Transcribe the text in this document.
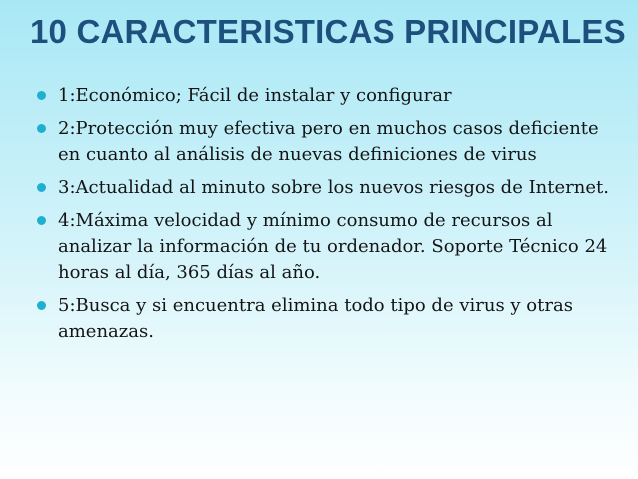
10 CARACTERISTICAS PRINCIPALES
1:Económico; Fácil de instalar y configurar
2:Protección muy efectiva pero en muchos casos deficiente en cuanto al análisis de nuevas definiciones de virus
3:Actualidad al minuto sobre los nuevos riesgos de Internet.
4:Máxima velocidad y mínimo consumo de recursos al analizar la información de tu ordenador. Soporte Técnico 24 horas al día, 365 días al año.
5:Busca y si encuentra elimina todo tipo de virus y otras amenazas.
